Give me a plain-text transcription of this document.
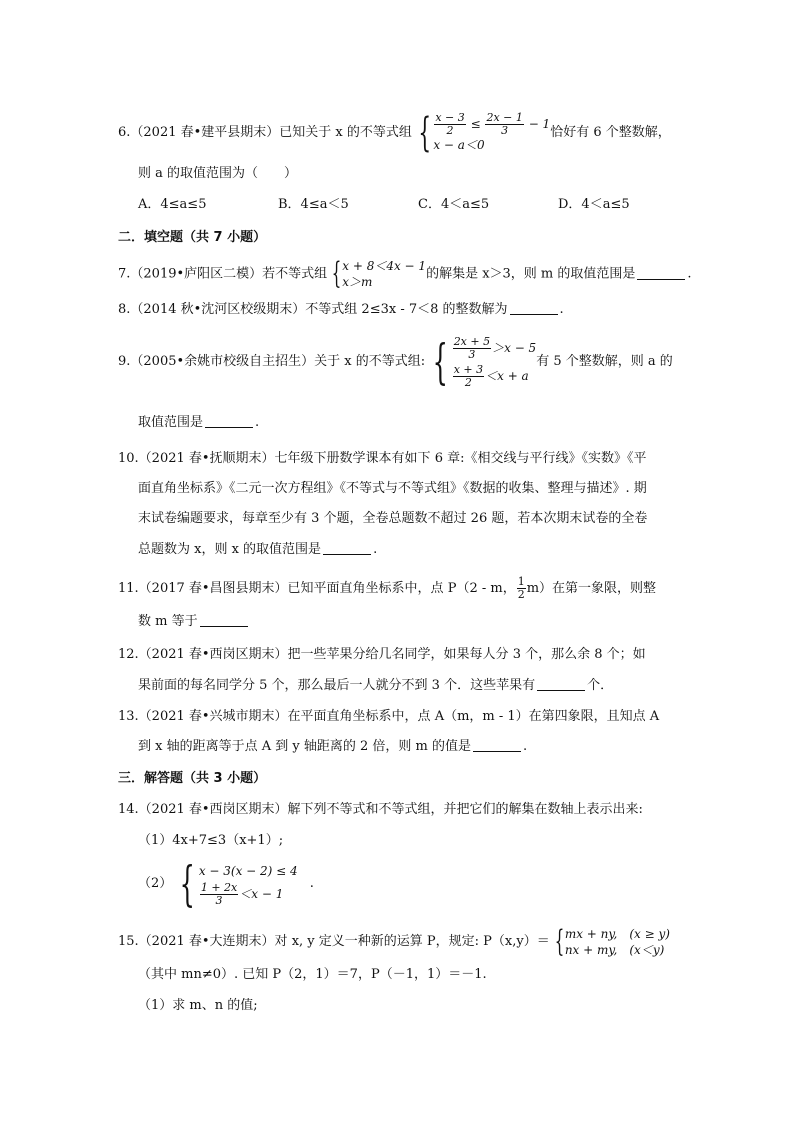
6.（2021 春•建平县期末）已知关于 x 的不等式组 { $\frac{x - 3}{2} \le \frac{2x - 1}{3} - 1$
x − a＜0
恰好有 6 个整数解，
则 a 的取值范围为（　　）
A．4≤a≤5	B．4≤a＜5	C．4＜a≤5	D．4＜a≤5
二．填空题（共 7 小题）
7.（2019•庐阳区二模）若不等式组 { x + 8＜4x − 1
x＞m
的解集是 x＞3，则 m 的取值范围是	.
8.（2014 秋•沈河区校级期末）不等式组 2≤3x - 7＜8 的整数解为	.
9.（2005•余姚市校级自主招生）关于 x 的不等式组: { $\frac{2x + 5}{3} >x - 5$
$\frac{x + 3}{2} <x + a$
有 5 个整数解，则 a 的
取值范围是	.
10.（2021 春•抚顺期末）七年级下册数学课本有如下 6 章:《相交线与平行线》《实数》《平
面直角坐标系》《二元一次方程组》《不等式与不等式组》《数据的收集、整理与描述》. 期
末试卷编题要求，每章至少有 3 个题，全卷总题数不超过 26 题，若本次期末试卷的全卷
总题数为 x，则 x 的取值范围是	.
11.（2017 春•昌图县期末）已知平面直角坐标系中，点 P（2 - m， $\frac{1}{2} m$）在第一象限，则整
数 m 等于
12.（2021 春•西岗区期末）把一些苹果分给几名同学，如果每人分 3 个，那么余 8 个；如
果前面的每名同学分 5 个，那么最后一人就分不到 3 个．这些苹果有	个．
13.（2021 春•兴城市期末）在平面直角坐标系中，点 A（m，m - 1）在第四象限，且知点 A
到 x 轴的距离等于点 A 到 y 轴距离的 2 倍，则 m 的值是	.
三．解答题（共 3 小题）
14.（2021 春•西岗区期末）解下列不等式和不等式组，并把它们的解集在数轴上表示出来:
（1）4x+7≤3（x+1）;
（2） { x − 3(x − 2) ≤ 4
$\frac{1 + 2x}{3} <x - 1$
.
15.（2021 春•大连期末）对 x, y 定义一种新的运算 P，规定: P（x,y）＝ { mx + ny,　(x ≥ y)
nx + my,　(x＜y)
（其中 mn≠0）. 已知 P（2，1）＝7，P（－1，1）＝－1.
（1）求 m、n 的值;
